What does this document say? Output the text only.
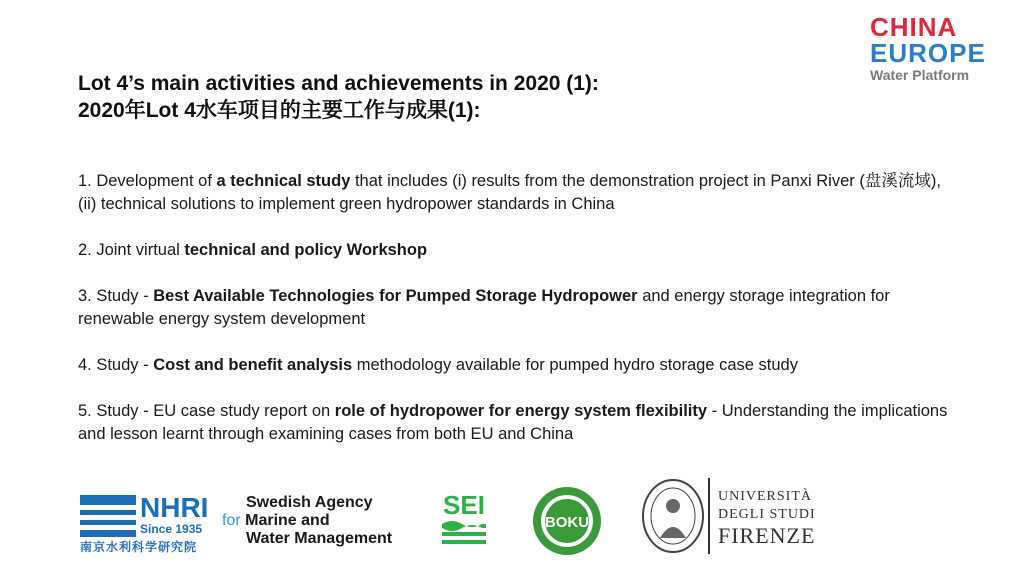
CHINA
EUROPE
Water Platform
Lot 4’s main activities and achievements in 2020 (1):
2020年Lot 4水车项目的主要工作与成果(1):
1. Development of a technical study that includes (i) results from the demonstration project in Panxi River (盘溪流域), (ii) technical solutions to implement green hydropower standards in China
2. Joint virtual technical and policy Workshop
3. Study - Best Available Technologies for Pumped Storage Hydropower and energy storage integration for renewable energy system development
4. Study - Cost and benefit analysis methodology available for pumped hydro storage case study
5. Study - EU case study report on role of hydropower for energy system flexibility - Understanding the implications and lesson learnt through examining cases from both EU and China
NHRI
Since 1935
南京水利科学研究院
Swedish Agency
for Marine and
Water Management
SEI
BOKU
UNIVERSITÀ
DEGLI STUDI
FIRENZE
